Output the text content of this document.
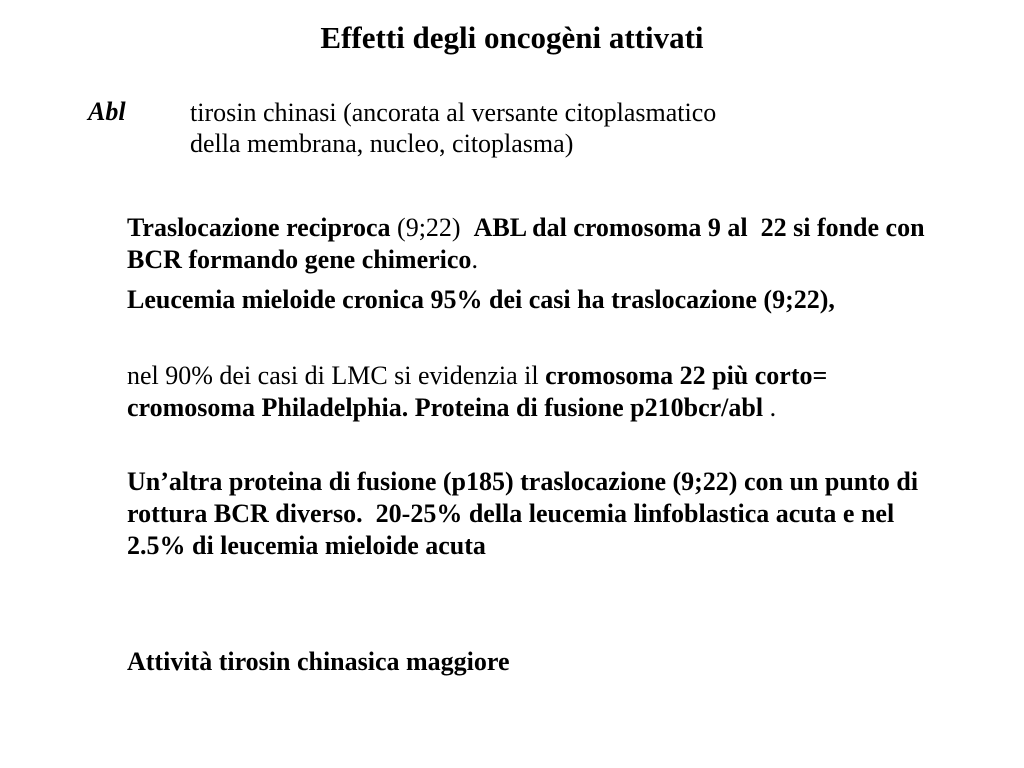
Effetti degli oncogèni attivati
Abl tirosin chinasi (ancorata al versante citoplasmatico
della membrana, nucleo, citoplasma)
Traslocazione reciproca (9;22)  ABL dal cromosoma 9 al  22 si fonde con BCR formando gene chimerico.
Leucemia mieloide cronica 95% dei casi ha traslocazione (9;22),
nel 90% dei casi di LMC si evidenzia il cromosoma 22 più corto= cromosoma Philadelphia. Proteina di fusione p210bcr/abl .
Un’altra proteina di fusione (p185) traslocazione (9;22) con un punto di rottura BCR diverso.  20-25% della leucemia linfoblastica acuta e nel 2.5% di leucemia mieloide acuta
Attività tirosin chinasica maggiore
